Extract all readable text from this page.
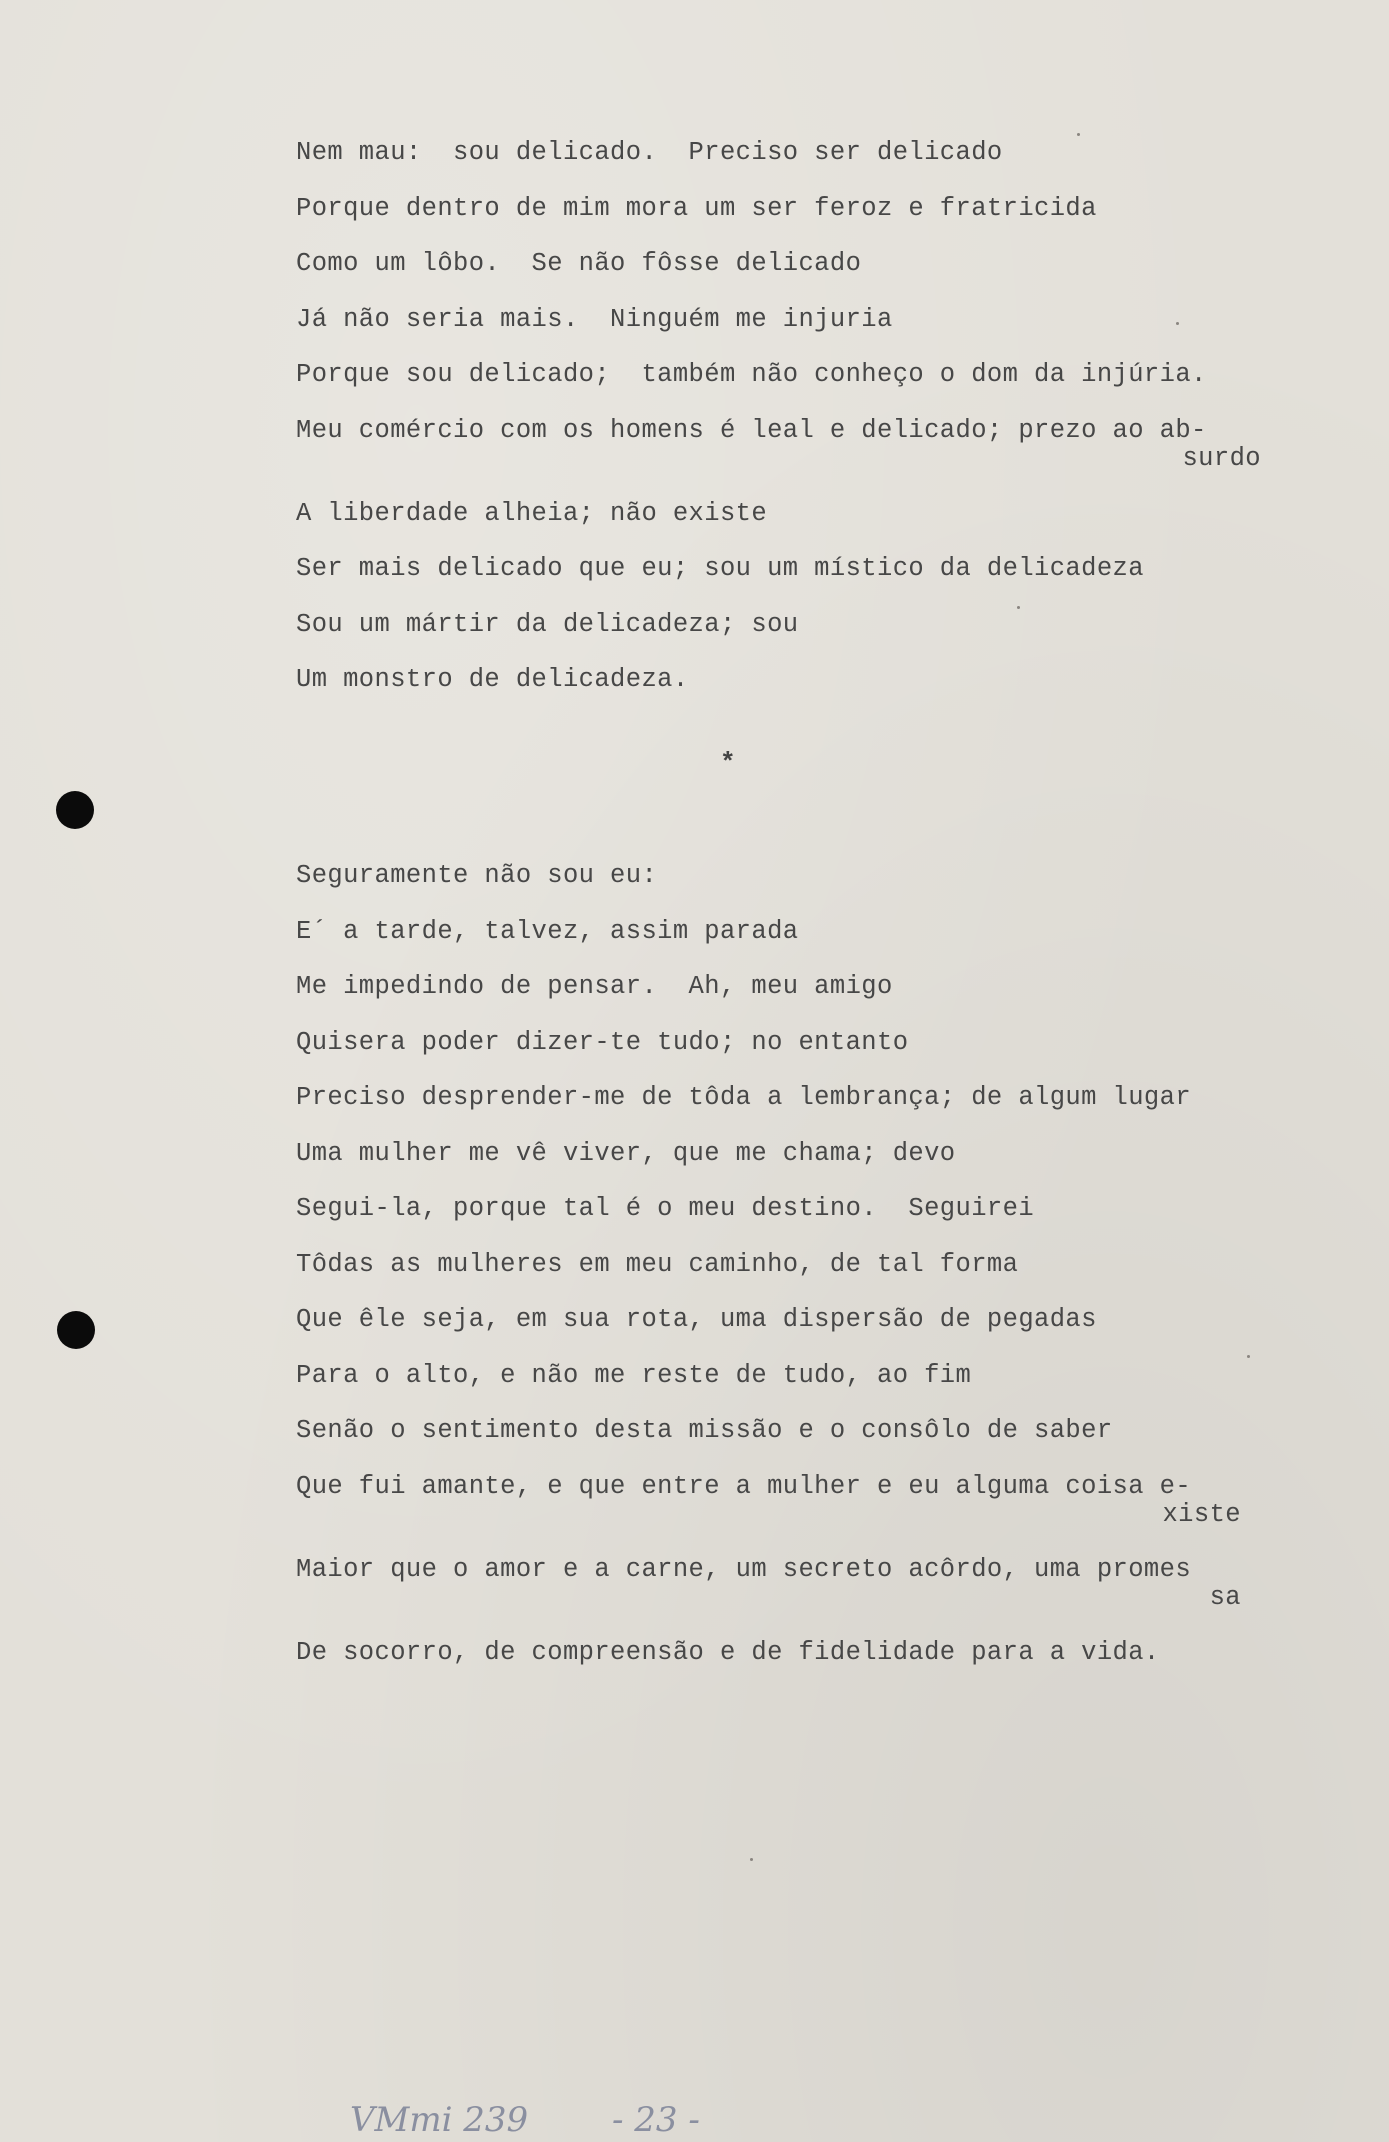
Nem mau:  sou delicado.  Preciso ser delicado
Porque dentro de mim mora um ser feroz e fratricida
Como um lôbo.  Se não fôsse delicado
Já não seria mais.  Ninguém me injuria
Porque sou delicado;  também não conheço o dom da injúria.
Meu comércio com os homens é leal e delicado; prezo ao ab-
surdo
A liberdade alheia; não existe
Ser mais delicado que eu; sou um místico da delicadeza
Sou um mártir da delicadeza; sou
Um monstro de delicadeza.
*
Seguramente não sou eu:
E´ a tarde, talvez, assim parada
Me impedindo de pensar.  Ah, meu amigo
Quisera poder dizer-te tudo; no entanto
Preciso desprender-me de tôda a lembrança; de algum lugar
Uma mulher me vê viver, que me chama; devo
Segui-la, porque tal é o meu destino.  Seguirei
Tôdas as mulheres em meu caminho, de tal forma
Que êle seja, em sua rota, uma dispersão de pegadas
Para o alto, e não me reste de tudo, ao fim
Senão o sentimento desta missão e o consôlo de saber
Que fui amante, e que entre a mulher e eu alguma coisa e-
xiste
Maior que o amor e a carne, um secreto acôrdo, uma promes
sa
De socorro, de compreensão e de fidelidade para a vida.
VMmi 239 - 23 -
